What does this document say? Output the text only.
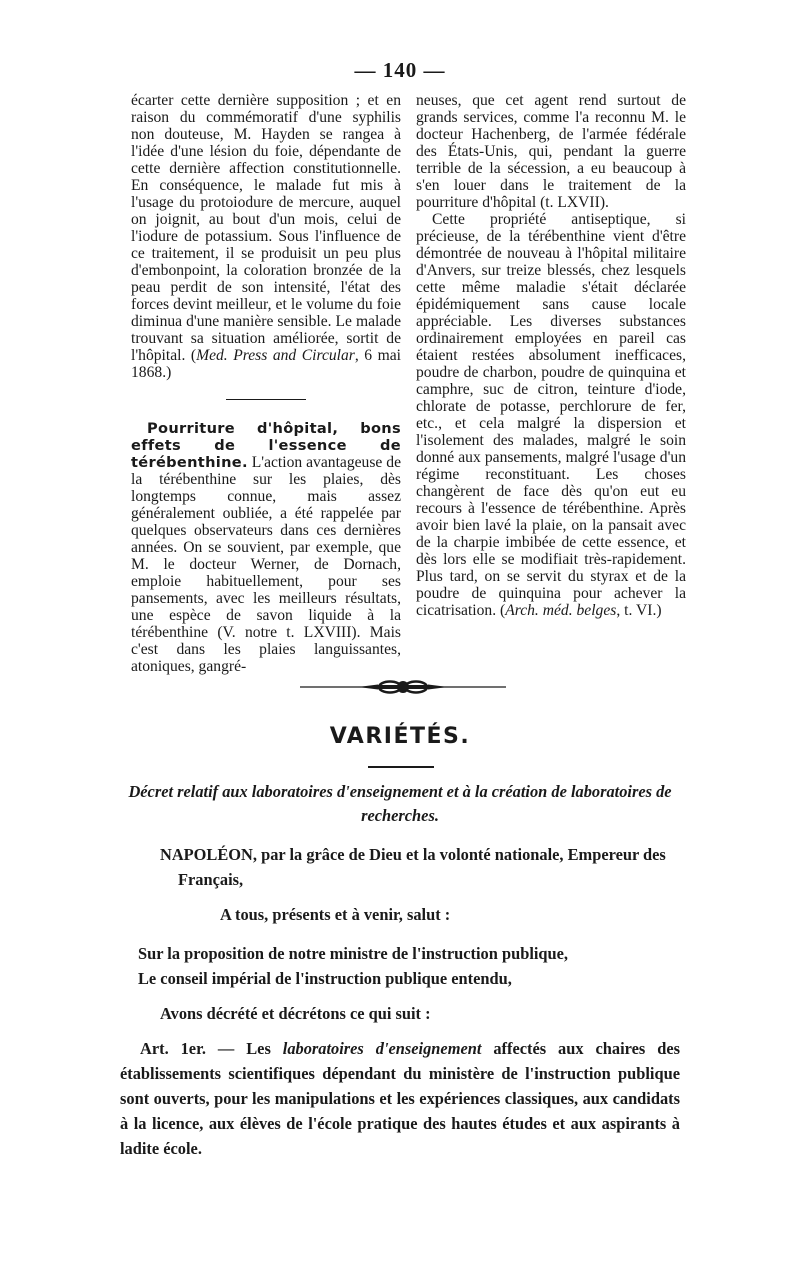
— 140 —

écarter cette dernière supposition ; et en raison du commémoratif d'une syphilis non douteuse, M. Hayden se rangea à l'idée d'une lésion du foie, dépendante de cette dernière affection constitutionnelle. En conséquence, le malade fut mis à l'usage du protoiodure de mercure, auquel on joignit, au bout d'un mois, celui de l'iodure de potassium. Sous l'influence de ce traitement, il se produisit un peu plus d'embonpoint, la coloration bronzée de la peau perdit de son intensité, l'état des forces devint meilleur, et le volume du foie diminua d'une manière sensible. Le malade trouvant sa situation améliorée, sortit de l'hôpital. (Med. Press and Circular, 6 mai 1868.)

Pourriture d'hôpital, bons effets de l'essence de térébenthine. L'action avantageuse de la térébenthine sur les plaies, dès longtemps connue, mais assez généralement oubliée, a été rappelée par quelques observateurs dans ces dernières années. On se souvient, par exemple, que M. le docteur Werner, de Dornach, emploie habituellement, pour ses pansements, avec les meilleurs résultats, une espèce de savon liquide à la térébenthine (V. notre t. LXVIII). Mais c'est dans les plaies languissantes, atoniques, gangré-

neuses, que cet agent rend surtout de grands services, comme l'a reconnu M. le docteur Hachenberg, de l'armée fédérale des États-Unis, qui, pendant la guerre terrible de la sécession, a eu beaucoup à s'en louer dans le traitement de la pourriture d'hôpital (t. LXVII).

Cette propriété antiseptique, si précieuse, de la térébenthine vient d'être démontrée de nouveau à l'hôpital militaire d'Anvers, sur treize blessés, chez lesquels cette même maladie s'était déclarée épidémiquement sans cause locale appréciable. Les diverses substances ordinairement employées en pareil cas étaient restées absolument inefficaces, poudre de charbon, poudre de quinquina et camphre, suc de citron, teinture d'iode, chlorate de potasse, perchlorure de fer, etc., et cela malgré la dispersion et l'isolement des malades, malgré le soin donné aux pansements, malgré l'usage d'un régime reconstituant. Les choses changèrent de face dès qu'on eut eu recours à l'essence de térébenthine. Après avoir bien lavé la plaie, on la pansait avec de la charpie imbibée de cette essence, et dès lors elle se modifiait très-rapidement. Plus tard, on se servit du styrax et de la poudre de quinquina pour achever la cicatrisation. (Arch. méd. belges, t. VI.)

VARIÉTÉS.

Décret relatif aux laboratoires d'enseignement et à la création de laboratoires de recherches.

NAPOLÉON, par la grâce de Dieu et la volonté nationale, Empereur des

Français,

A tous, présents et à venir, salut :

Sur la proposition de notre ministre de l'instruction publique,

Le conseil impérial de l'instruction publique entendu,

Avons décrété et décrétons ce qui suit :

Art. 1er. — Les laboratoires d'enseignement affectés aux chaires des établissements scientifiques dépendant du ministère de l'instruction publique sont ouverts, pour les manipulations et les expériences classiques, aux candidats à la licence, aux élèves de l'école pratique des hautes études et aux aspirants à ladite école.
